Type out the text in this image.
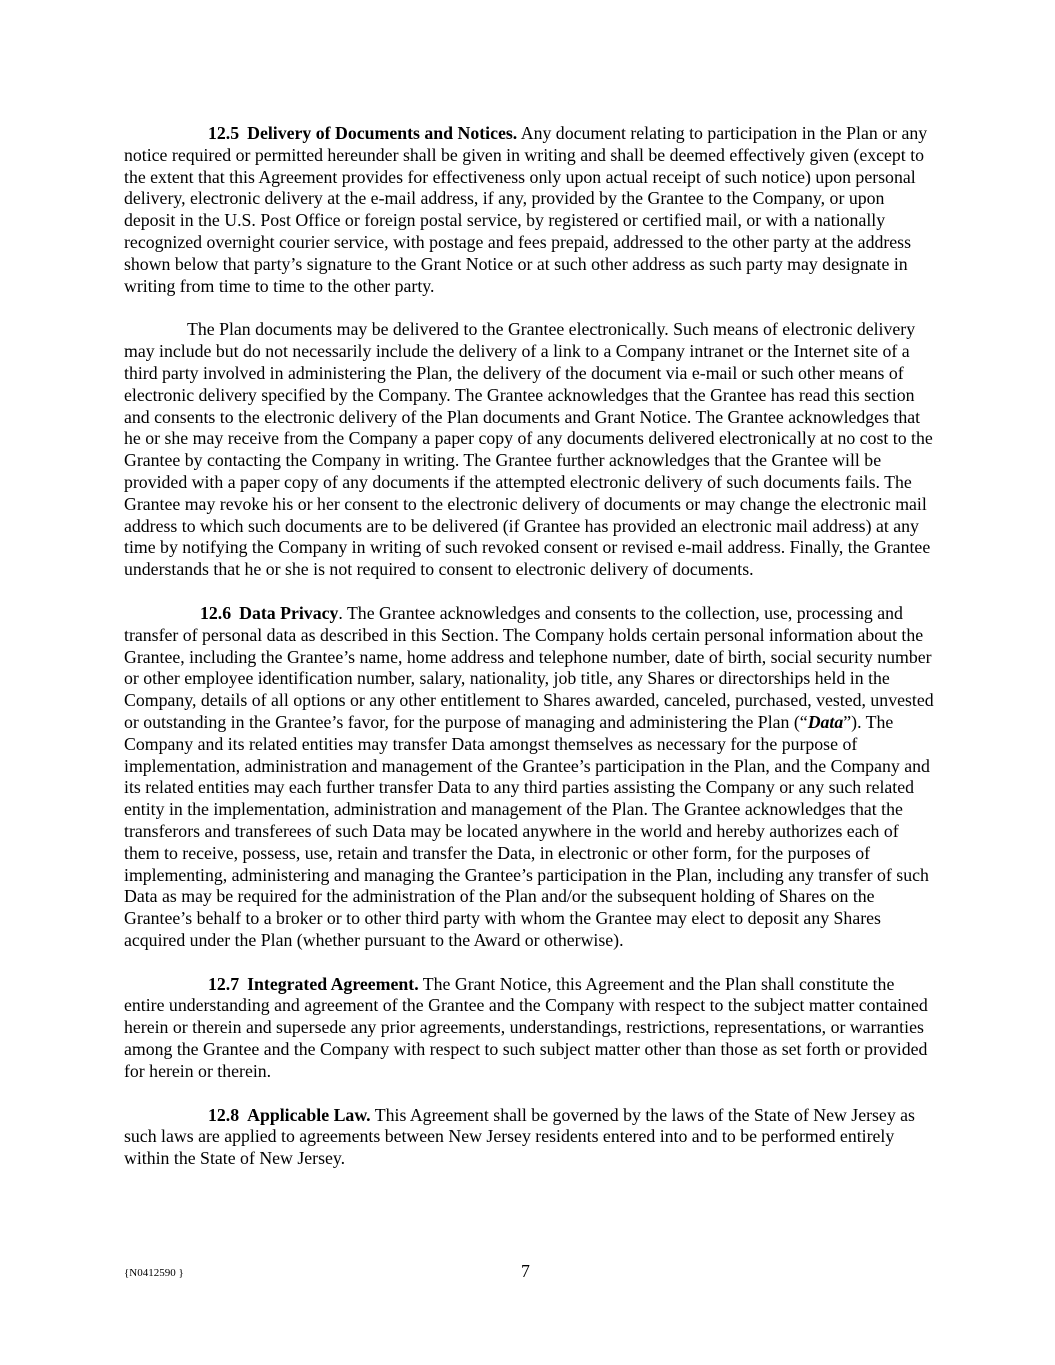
12.5 Delivery of Documents and Notices. Any document relating to participation in the Plan or any notice required or permitted hereunder shall be given in writing and shall be deemed effectively given (except to the extent that this Agreement provides for effectiveness only upon actual receipt of such notice) upon personal delivery, electronic delivery at the e-mail address, if any, provided by the Grantee to the Company, or upon deposit in the U.S. Post Office or foreign postal service, by registered or certified mail, or with a nationally recognized overnight courier service, with postage and fees prepaid, addressed to the other party at the address shown below that party’s signature to the Grant Notice or at such other address as such party may designate in writing from time to time to the other party.

The Plan documents may be delivered to the Grantee electronically. Such means of electronic delivery may include but do not necessarily include the delivery of a link to a Company intranet or the Internet site of a third party involved in administering the Plan, the delivery of the document via e-mail or such other means of electronic delivery specified by the Company. The Grantee acknowledges that the Grantee has read this section and consents to the electronic delivery of the Plan documents and Grant Notice. The Grantee acknowledges that he or she may receive from the Company a paper copy of any documents delivered electronically at no cost to the Grantee by contacting the Company in writing. The Grantee further acknowledges that the Grantee will be provided with a paper copy of any documents if the attempted electronic delivery of such documents fails. The Grantee may revoke his or her consent to the electronic delivery of documents or may change the electronic mail address to which such documents are to be delivered (if Grantee has provided an electronic mail address) at any time by notifying the Company in writing of such revoked consent or revised e-mail address. Finally, the Grantee understands that he or she is not required to consent to electronic delivery of documents.

12.6 Data Privacy. The Grantee acknowledges and consents to the collection, use, processing and transfer of personal data as described in this Section. The Company holds certain personal information about the Grantee, including the Grantee’s name, home address and telephone number, date of birth, social security number or other employee identification number, salary, nationality, job title, any Shares or directorships held in the Company, details of all options or any other entitlement to Shares awarded, canceled, purchased, vested, unvested or outstanding in the Grantee’s favor, for the purpose of managing and administering the Plan (“Data”). The Company and its related entities may transfer Data amongst themselves as necessary for the purpose of implementation, administration and management of the Grantee’s participation in the Plan, and the Company and its related entities may each further transfer Data to any third parties assisting the Company or any such related entity in the implementation, administration and management of the Plan. The Grantee acknowledges that the transferors and transferees of such Data may be located anywhere in the world and hereby authorizes each of them to receive, possess, use, retain and transfer the Data, in electronic or other form, for the purposes of implementing, administering and managing the Grantee’s participation in the Plan, including any transfer of such Data as may be required for the administration of the Plan and/or the subsequent holding of Shares on the Grantee’s behalf to a broker or to other third party with whom the Grantee may elect to deposit any Shares acquired under the Plan (whether pursuant to the Award or otherwise).

12.7 Integrated Agreement. The Grant Notice, this Agreement and the Plan shall constitute the entire understanding and agreement of the Grantee and the Company with respect to the subject matter contained herein or therein and supersede any prior agreements, understandings, restrictions, representations, or warranties among the Grantee and the Company with respect to such subject matter other than those as set forth or provided for herein or therein.

12.8 Applicable Law. This Agreement shall be governed by the laws of the State of New Jersey as such laws are applied to agreements between New Jersey residents entered into and to be performed entirely within the State of New Jersey.

{N0412590 }	7
